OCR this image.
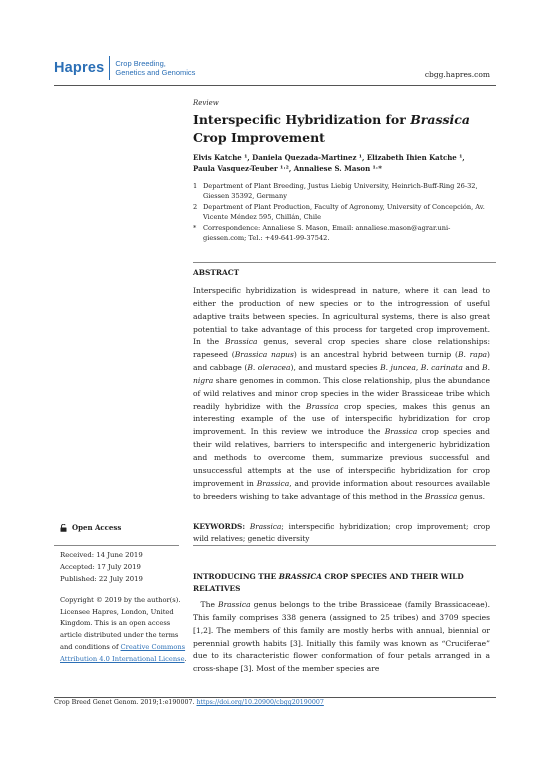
Hapres Crop Breeding,
Genetics and Genomics	cbgg.hapres.com
Review
Interspecific Hybridization for Brassica Crop Improvement
Elvis Katche ¹, Daniela Quezada-Martinez ¹, Elizabeth Ihien Katche ¹,
Paula Vasquez-Teuber ¹˒², Annaliese S. Mason ¹˒*
1 Department of Plant Breeding, Justus Liebig University, Heinrich-Buff-Ring 26-32, Giessen 35392, Germany
2 Department of Plant Production, Faculty of Agronomy, University of Concepción, Av. Vicente Méndez 595, Chillán, Chile
*	Correspondence: Annaliese S. Mason, Email: annaliese.mason@agrar.uni-giessen.com; Tel.: +49-641-99-37542.
ABSTRACT
Interspecific hybridization is widespread in nature, where it can lead to either the production of new species or to the introgression of useful adaptive traits between species. In agricultural systems, there is also great potential to take advantage of this process for targeted crop improvement. In the Brassica genus, several crop species share close relationships: rapeseed (Brassica napus) is an ancestral hybrid between turnip (B. rapa) and cabbage (B. oleracea), and mustard species B. juncea, B. carinata and B. nigra share genomes in common. This close relationship, plus the abundance of wild relatives and minor crop species in the wider Brassiceae tribe which readily hybridize with the Brassica crop species, makes this genus an interesting example of the use of interspecific hybridization for crop improvement. In this review we introduce the Brassica crop species and their wild relatives, barriers to interspecific and intergeneric hybridization and methods to overcome them, summarize previous successful and unsuccessful attempts at the use of interspecific hybridization for crop improvement in Brassica, and provide information about resources available to breeders wishing to take advantage of this method in the Brassica genus.
Open Access	KEYWORDS: Brassica; interspecific hybridization; crop improvement; crop wild relatives; genetic diversity
Received: 14 June 2019
Accepted: 17 July 2019
Published: 22 July 2019
Copyright © 2019 by the author(s). Licensee Hapres, London, United Kingdom. This is an open access article distributed under the terms and conditions of Creative Commons Attribution 4.0 International License.
INTRODUCING THE BRASSICA CROP SPECIES AND THEIR WILD RELATIVES
 The Brassica genus belongs to the tribe Brassiceae (family Brassicaceae). This family comprises 338 genera (assigned to 25 tribes) and 3709 species [1,2]. The members of this family are mostly herbs with annual, biennial or perennial growth habits [3]. Initially this family was known as “Cruciferae” due to its characteristic flower conformation of four petals arranged in a cross-shape [3]. Most of the member species are
Crop Breed Genet Genom. 2019;1:e190007. https://doi.org/10.20900/cbgg20190007
